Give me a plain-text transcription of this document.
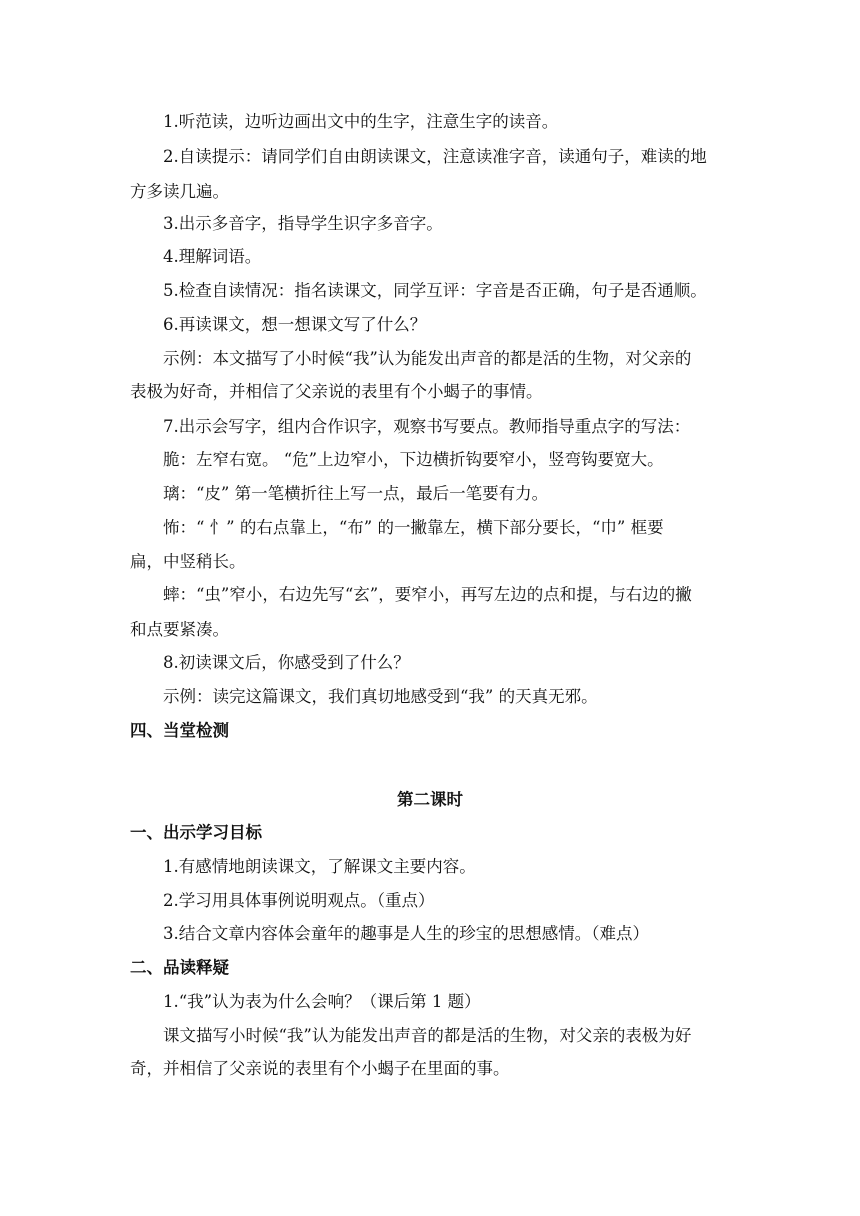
1.听范读，边听边画出文中的生字，注意生字的读音。
2.自读提示：请同学们自由朗读课文，注意读准字音，读通句子，难读的地
方多读几遍。
3.出示多音字，指导学生识字多音字。
4.理解词语。
5.检查自读情况：指名读课文，同学互评：字音是否正确，句子是否通顺。
6.再读课文，想一想课文写了什么？
示例：本文描写了小时候“我”认为能发出声音的都是活的生物，对父亲的
表极为好奇，并相信了父亲说的表里有个小蝎子的事情。
7.出示会写字，组内合作识字，观察书写要点。教师指导重点字的写法：
脆：左窄右宽。 “危”上边窄小，下边横折钩要窄小，竖弯钩要宽大。
璃：“皮” 第一笔横折往上写一点，最后一笔要有力。
怖：“ 忄” 的右点靠上，“布” 的一撇靠左，横下部分要长，“巾” 框要
扁，中竖稍长。
蟀：“虫”窄小，右边先写“玄”，要窄小，再写左边的点和提，与右边的撇
和点要紧凑。
8.初读课文后，你感受到了什么？
示例：读完这篇课文，我们真切地感受到“我” 的天真无邪。
四、当堂检测
第二课时
一、出示学习目标
1.有感情地朗读课文，了解课文主要内容。
2.学习用具体事例说明观点。（重点）
3.结合文章内容体会童年的趣事是人生的珍宝的思想感情。（难点）
二、品读释疑
1.“我”认为表为什么会响？（课后第 1 题）
课文描写小时候“我”认为能发出声音的都是活的生物，对父亲的表极为好
奇，并相信了父亲说的表里有个小蝎子在里面的事。
